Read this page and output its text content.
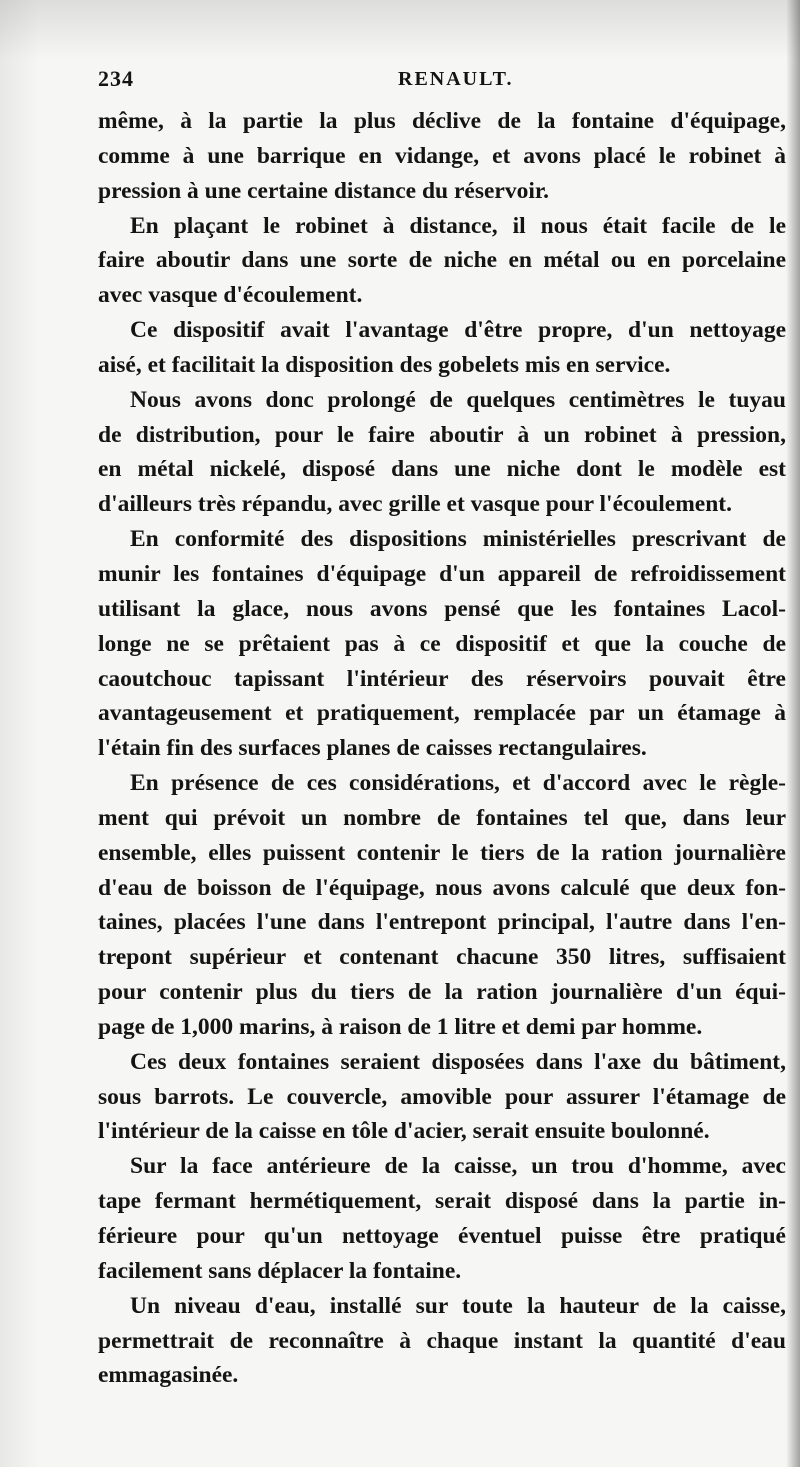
234	RENAULT.
même, à la partie la plus déclive de la fontaine d'équipage,
comme à une barrique en vidange, et avons placé le robinet à
pression à une certaine distance du réservoir.
En plaçant le robinet à distance, il nous était facile de le
faire aboutir dans une sorte de niche en métal ou en porcelaine
avec vasque d'écoulement.
Ce dispositif avait l'avantage d'être propre, d'un nettoyage
aisé, et facilitait la disposition des gobelets mis en service.
Nous avons donc prolongé de quelques centimètres le tuyau
de distribution, pour le faire aboutir à un robinet à pression,
en métal nickelé, disposé dans une niche dont le modèle est
d'ailleurs très répandu, avec grille et vasque pour l'écoulement.
En conformité des dispositions ministérielles prescrivant de
munir les fontaines d'équipage d'un appareil de refroidissement
utilisant la glace, nous avons pensé que les fontaines Lacol-
longe ne se prêtaient pas à ce dispositif et que la couche de
caoutchouc tapissant l'intérieur des réservoirs pouvait être
avantageusement et pratiquement, remplacée par un étamage à
l'étain fin des surfaces planes de caisses rectangulaires.
En présence de ces considérations, et d'accord avec le règle-
ment qui prévoit un nombre de fontaines tel que, dans leur
ensemble, elles puissent contenir le tiers de la ration journalière
d'eau de boisson de l'équipage, nous avons calculé que deux fon-
taines, placées l'une dans l'entrepont principal, l'autre dans l'en-
trepont supérieur et contenant chacune 350 litres, suffisaient
pour contenir plus du tiers de la ration journalière d'un équi-
page de 1,000 marins, à raison de 1 litre et demi par homme.
Ces deux fontaines seraient disposées dans l'axe du bâtiment,
sous barrots. Le couvercle, amovible pour assurer l'étamage de
l'intérieur de la caisse en tôle d'acier, serait ensuite boulonné.
Sur la face antérieure de la caisse, un trou d'homme, avec
tape fermant hermétiquement, serait disposé dans la partie in-
férieure pour qu'un nettoyage éventuel puisse être pratiqué
facilement sans déplacer la fontaine.
Un niveau d'eau, installé sur toute la hauteur de la caisse,
permettrait de reconnaître à chaque instant la quantité d'eau
emmagasinée.
